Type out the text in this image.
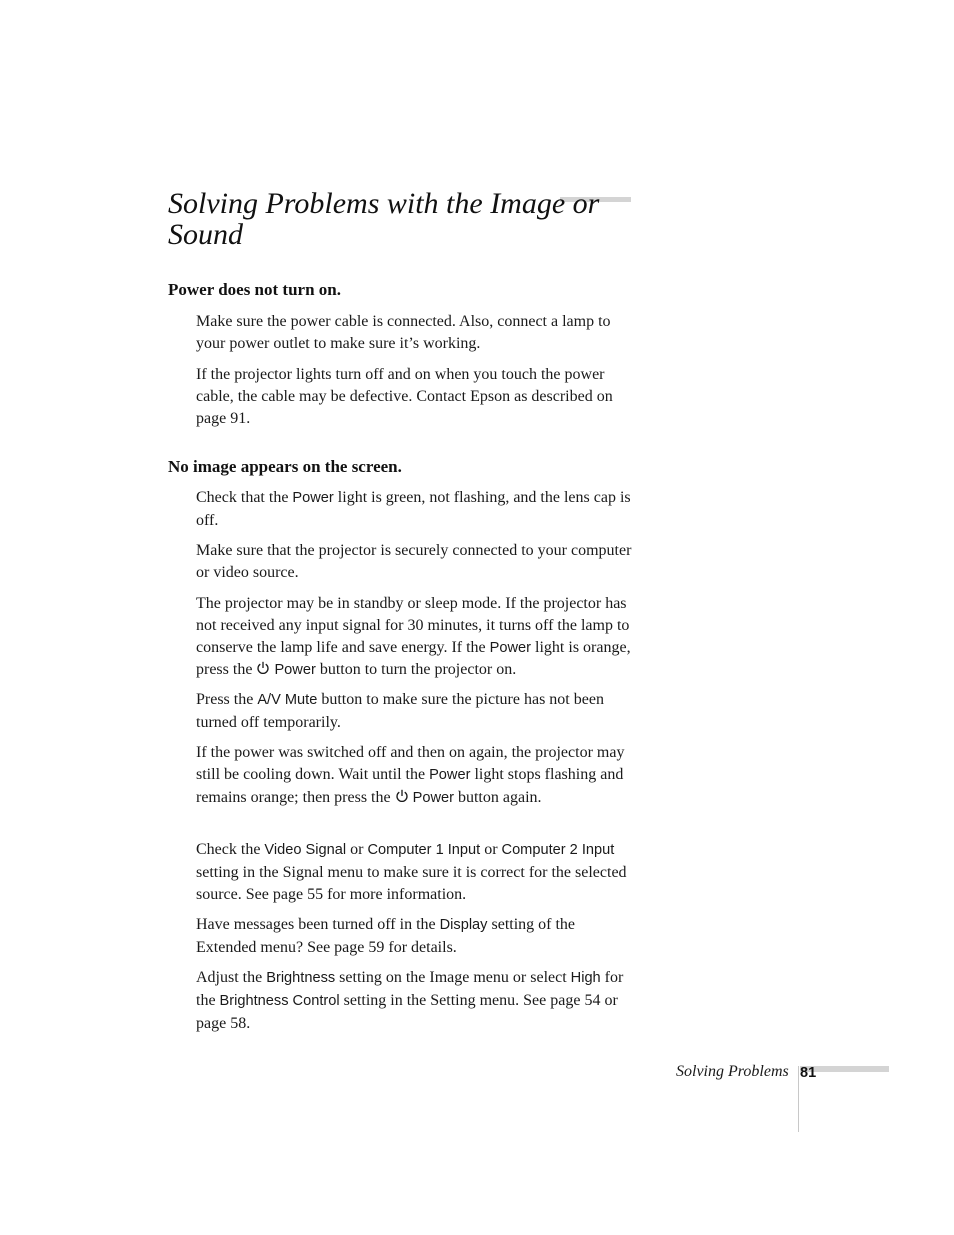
Solving Problems with the Image or Sound
Power does not turn on.

Make sure the power cable is connected. Also, connect a lamp to your power outlet to make sure it’s working.

If the projector lights turn off and on when you touch the power cable, the cable may be defective. Contact Epson as described on page 91.

No image appears on the screen.

Check that the Power light is green, not flashing, and the lens cap is off.

Make sure that the projector is securely connected to your computer or video source.

The projector may be in standby or sleep mode. If the projector has not received any input signal for 30 minutes, it turns off the lamp to conserve the lamp life and save energy. If the Power light is orange, press the
Power button to turn the projector on.

Press the A/V Mute button to make sure the picture has not been turned off temporarily.

If the power was switched off and then on again, the projector may still be cooling down. Wait until the Power light stops flashing and remains orange; then press the
Power button again.

Check the Video Signal or Computer 1 Input or Computer 2 Input setting in the Signal menu to make sure it is correct for the selected source. See page 55 for more information.

Have messages been turned off in the Display setting of the Extended menu? See page 59 for details.

Adjust the Brightness setting on the Image menu or select High for the Brightness Control setting in the Setting menu. See page 54 or page 58.

Solving Problems 81
